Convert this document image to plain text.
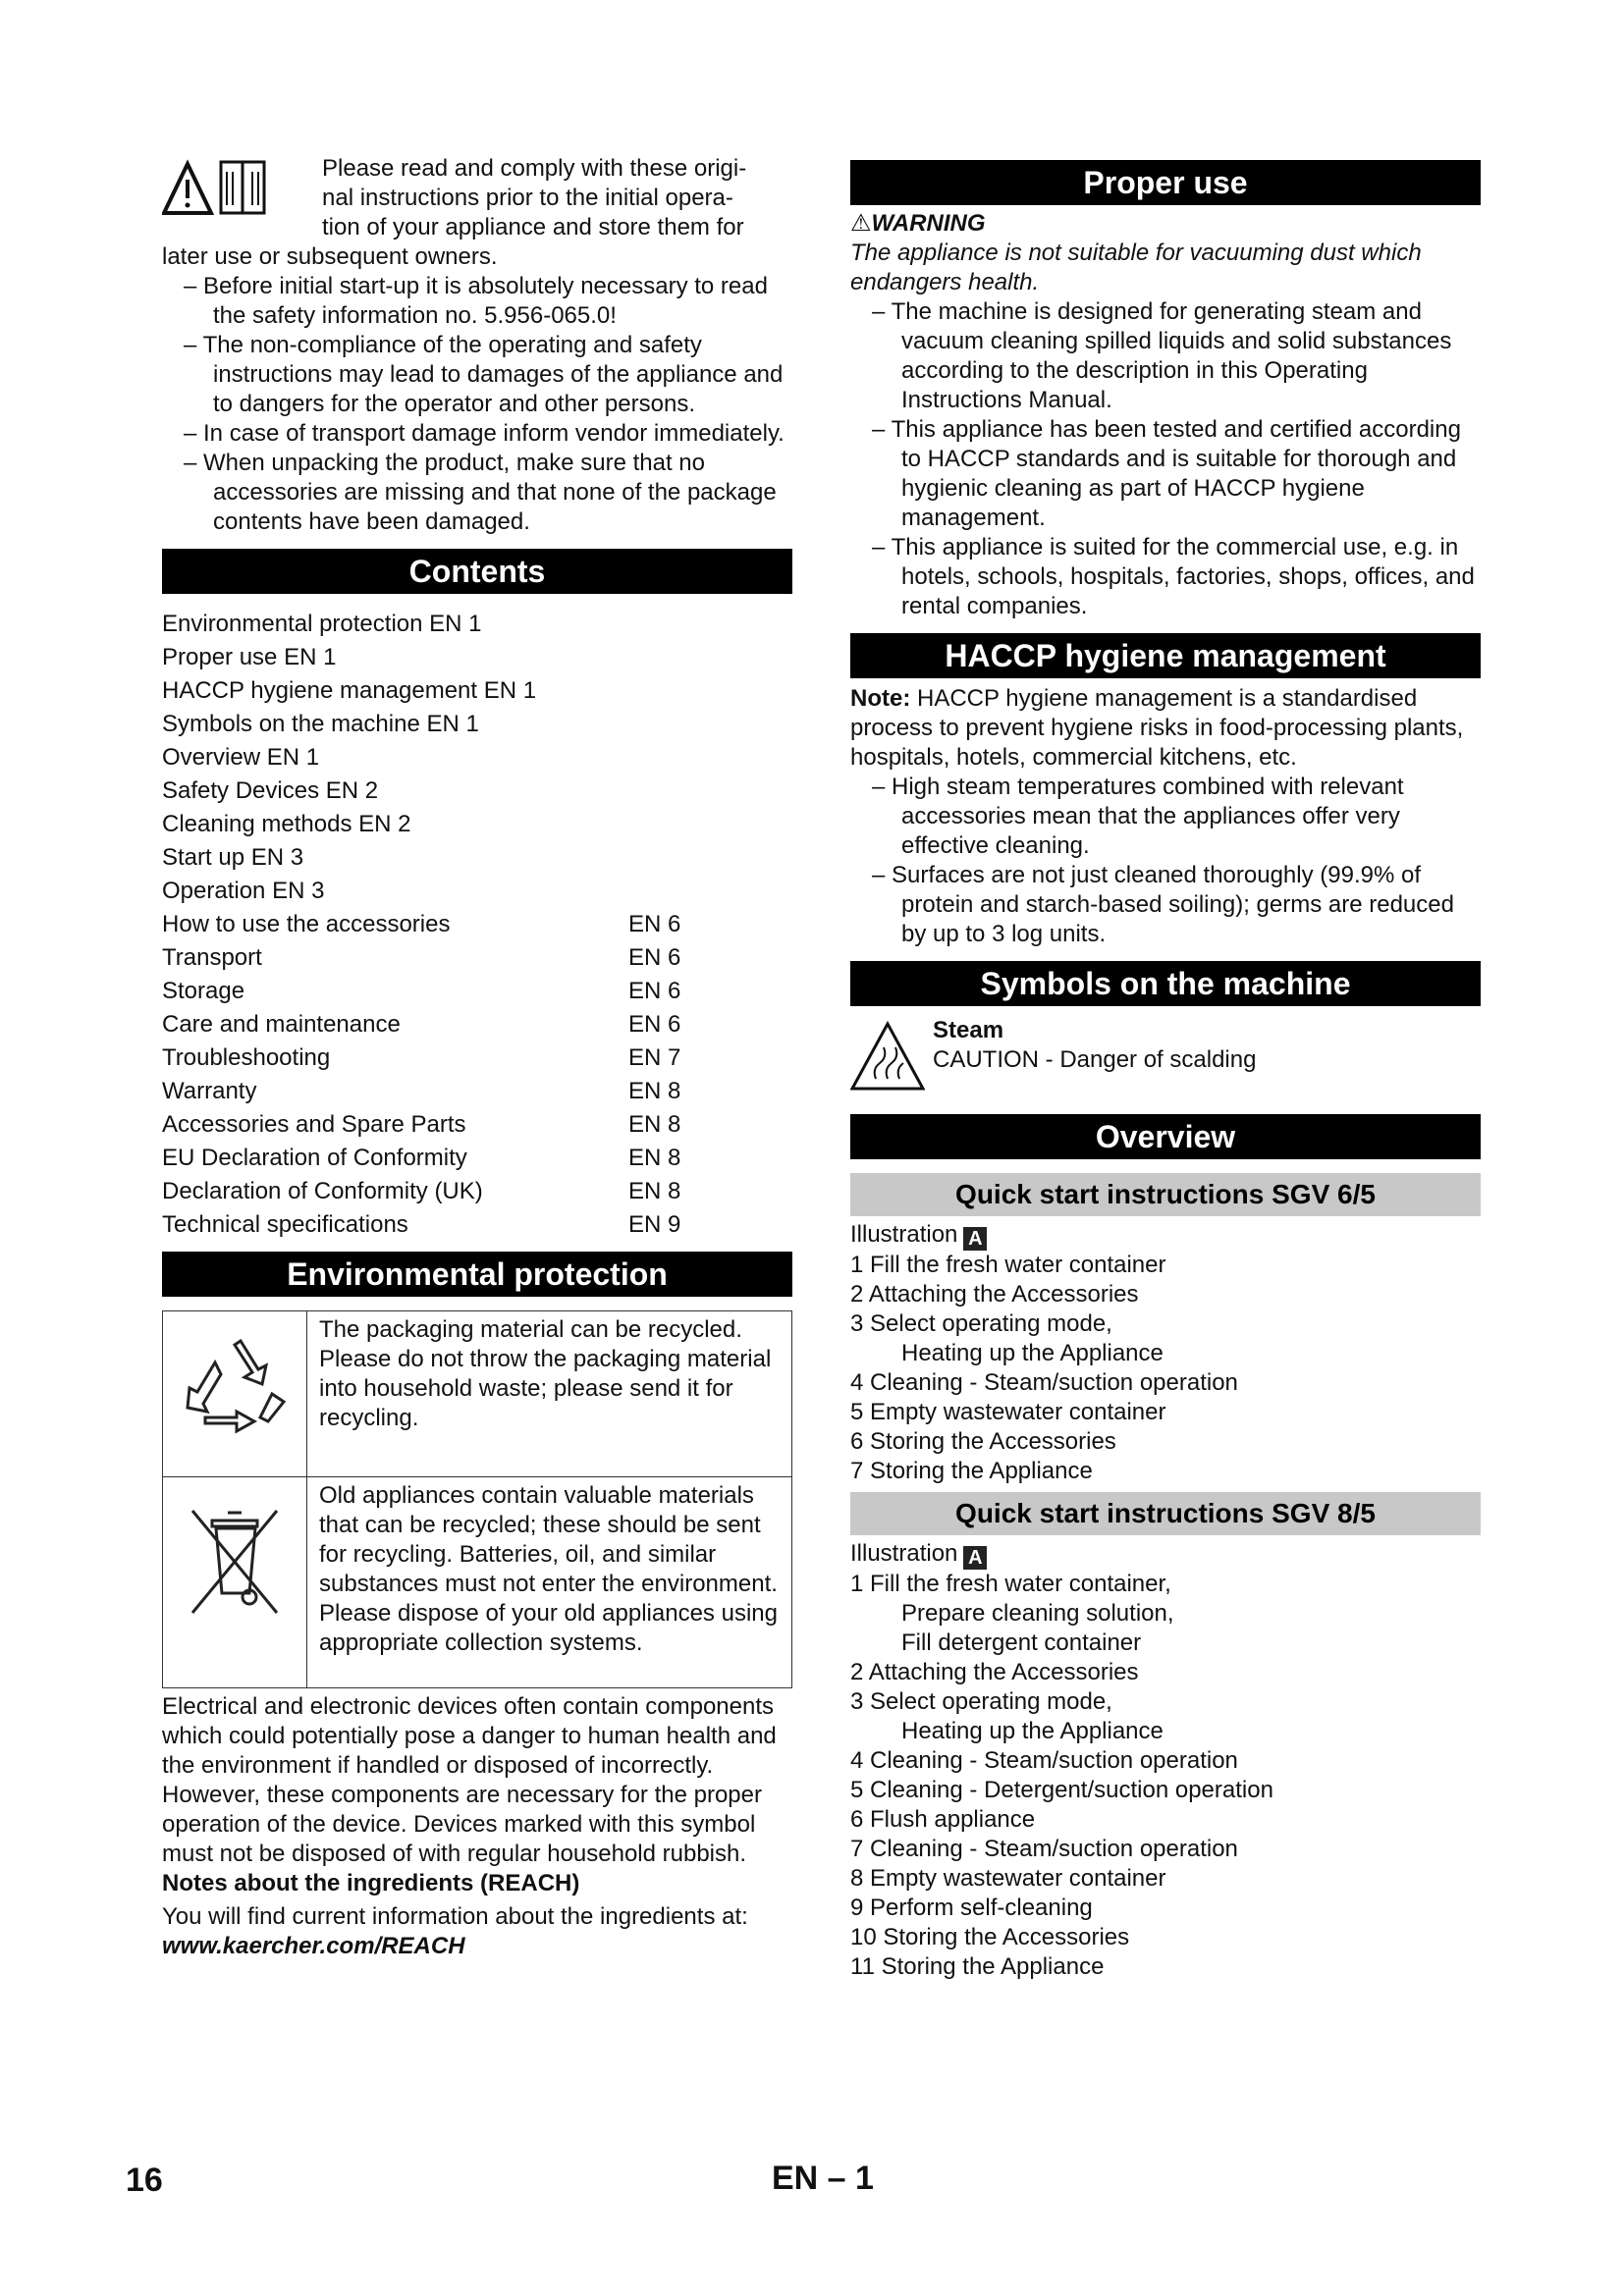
Please read and comply with these origi-

nal instructions prior to the initial opera-

tion of your appliance and store them for

later use or subsequent owners.

– Before initial start-up it is absolutely necessary to read the safety information no. 5.956-065.0!

– The non-compliance of the operating and safety instructions may lead to damages of the appliance and to dangers for the operator and other persons.

– In case of transport damage inform vendor immediately.

– When unpacking the product, make sure that no accessories are missing and that none of the package contents have been damaged.

Contents
Environmental protection EN 1
Proper use EN 1
HACCP hygiene management EN 1
Symbols on the machine EN 1
Overview EN 1
Safety Devices EN 2
Cleaning methods EN 2
Start up EN 3
Operation EN 3
How to use the accessories	EN 6
Transport	EN 6
Storage	EN 6
Care and maintenance	EN 6
Troubleshooting	EN 7
Warranty	EN 8
Accessories and Spare Parts	EN 8
EU Declaration of Conformity	EN 8
Declaration of Conformity (UK)	EN 8
Technical specifications	EN 9
Environmental protection
	The packaging material can be recycled. Please do not throw the packaging material into household waste; please send it for recycling.
	Old appliances contain valuable materials that can be recycled; these should be sent for recycling. Batteries, oil, and similar substances must not enter the environment. Please dispose of your old appliances using appropriate collection systems.

Electrical and electronic devices often contain components which could potentially pose a danger to human health and the environment if handled or disposed of incorrectly. However, these components are necessary for the proper operation of the device. Devices marked with this symbol must not be disposed of with regular household rubbish.

Notes about the ingredients (REACH)

You will find current information about the ingredients at:

www.kaercher.com/REACH

Proper use

⚠WARNING

The appliance is not suitable for vacuuming dust which endangers health.

– The machine is designed for generating steam and vacuum cleaning spilled liquids and solid substances according to the description in this Operating Instructions Manual.

– This appliance has been tested and certified according to HACCP standards and is suitable for thorough and hygienic cleaning as part of HACCP hygiene management.

– This appliance is suited for the commercial use, e.g. in hotels, schools, hospitals, factories, shops, offices, and rental companies.

HACCP hygiene management

Note: HACCP hygiene management is a standardised process to prevent hygiene risks in food-processing plants, hospitals, hotels, commercial kitchens, etc.

– High steam temperatures combined with relevant accessories mean that the appliances offer very effective cleaning.

– Surfaces are not just cleaned thoroughly (99.9% of protein and starch-based soiling); germs are reduced by up to 3 log units.

Symbols on the machine

Steam

CAUTION - Danger of scalding

Overview
Quick start instructions SGV 6/5

Illustration A

1 Fill the fresh water container

2 Attaching the Accessories

3 Select operating mode,

Heating up the Appliance

4 Cleaning - Steam/suction operation

5 Empty wastewater container

6 Storing the Accessories

7 Storing the Appliance

Quick start instructions SGV 8/5

Illustration A

1 Fill the fresh water container,

Prepare cleaning solution,

Fill detergent container

2 Attaching the Accessories

3 Select operating mode,

Heating up the Appliance

4 Cleaning - Steam/suction operation

5 Cleaning - Detergent/suction operation

6 Flush appliance

7 Cleaning - Steam/suction operation

8 Empty wastewater container

9 Perform self-cleaning

10 Storing the Accessories

11 Storing the Appliance

16	EN – 1
